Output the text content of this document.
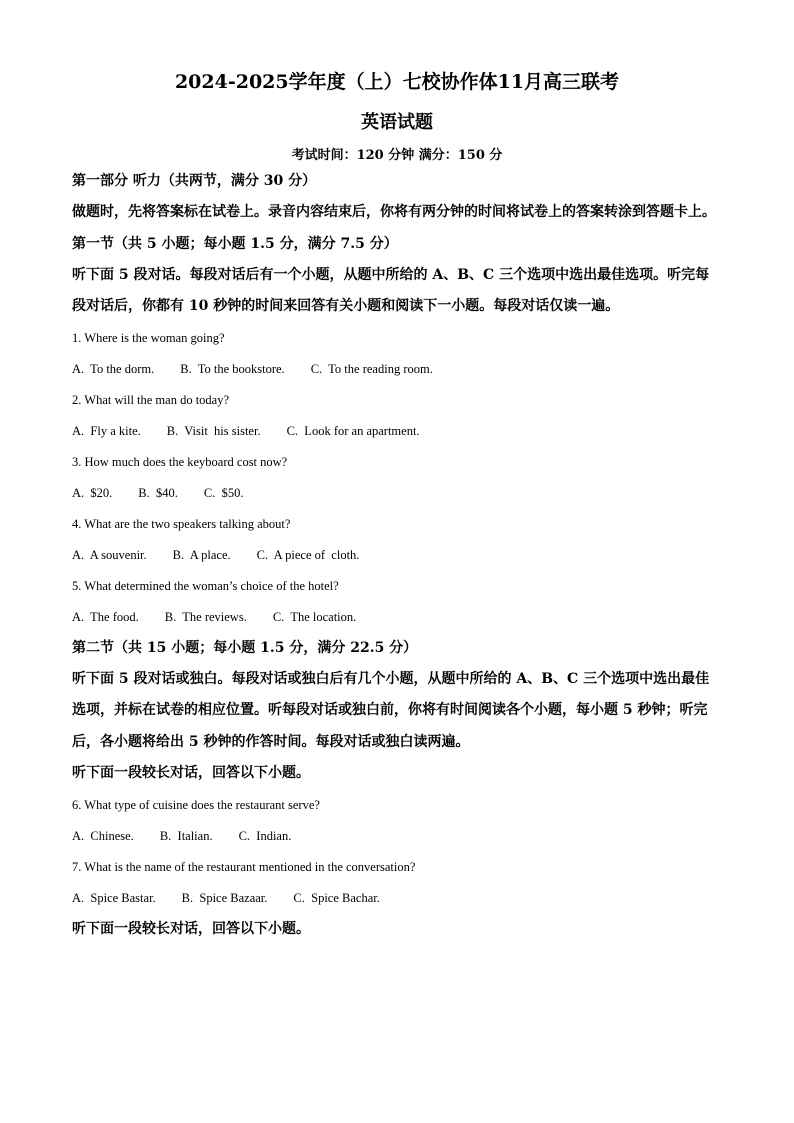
2024-2025学年度（上）七校协作体11月高三联考
英语试题

考试时间：120 分钟 满分：150 分

第一部分 听力（共两节，满分 30 分）

做题时，先将答案标在试卷上。录音内容结束后，你将有两分钟的时间将试卷上的答案转涂到答题卡上。

第一节（共 5 小题；每小题 1.5 分，满分 7.5 分）

听下面 5 段对话。每段对话后有一个小题，从题中所给的 A、B、C 三个选项中选出最佳选项。听完每段对话后，你都有 10 秒钟的时间来回答有关小题和阅读下一小题。每段对话仅读一遍。

1. Where is the woman going?

A.  To the dorm. B.  To the bookstore. C.  To the reading room.

2. What will the man do today?

A.  Fly a kite. B.  Visit  his sister. C.  Look for an apartment.

3. How much does the keyboard cost now?

A.  $20. B.  $40. C.  $50.

4. What are the two speakers talking about?

A.  A souvenir. B.  A place. C.  A piece of  cloth.

5. What determined the woman’s choice of the hotel?

A.  The food. B.  The reviews. C.  The location.

第二节（共 15 小题；每小题 1.5 分，满分 22.5 分）

听下面 5 段对话或独白。每段对话或独白后有几个小题，从题中所给的 A、B、C 三个选项中选出最佳选项，并标在试卷的相应位置。听每段对话或独白前，你将有时间阅读各个小题，每小题 5 秒钟；听完后，各小题将给出 5 秒钟的作答时间。每段对话或独白读两遍。

听下面一段较长对话，回答以下小题。

6. What type of cuisine does the restaurant serve?

A.  Chinese. B.  Italian. C.  Indian.

7. What is the name of the restaurant mentioned in the conversation?

A.  Spice Bastar. B.  Spice Bazaar. C.  Spice Bachar.

听下面一段较长对话，回答以下小题。
